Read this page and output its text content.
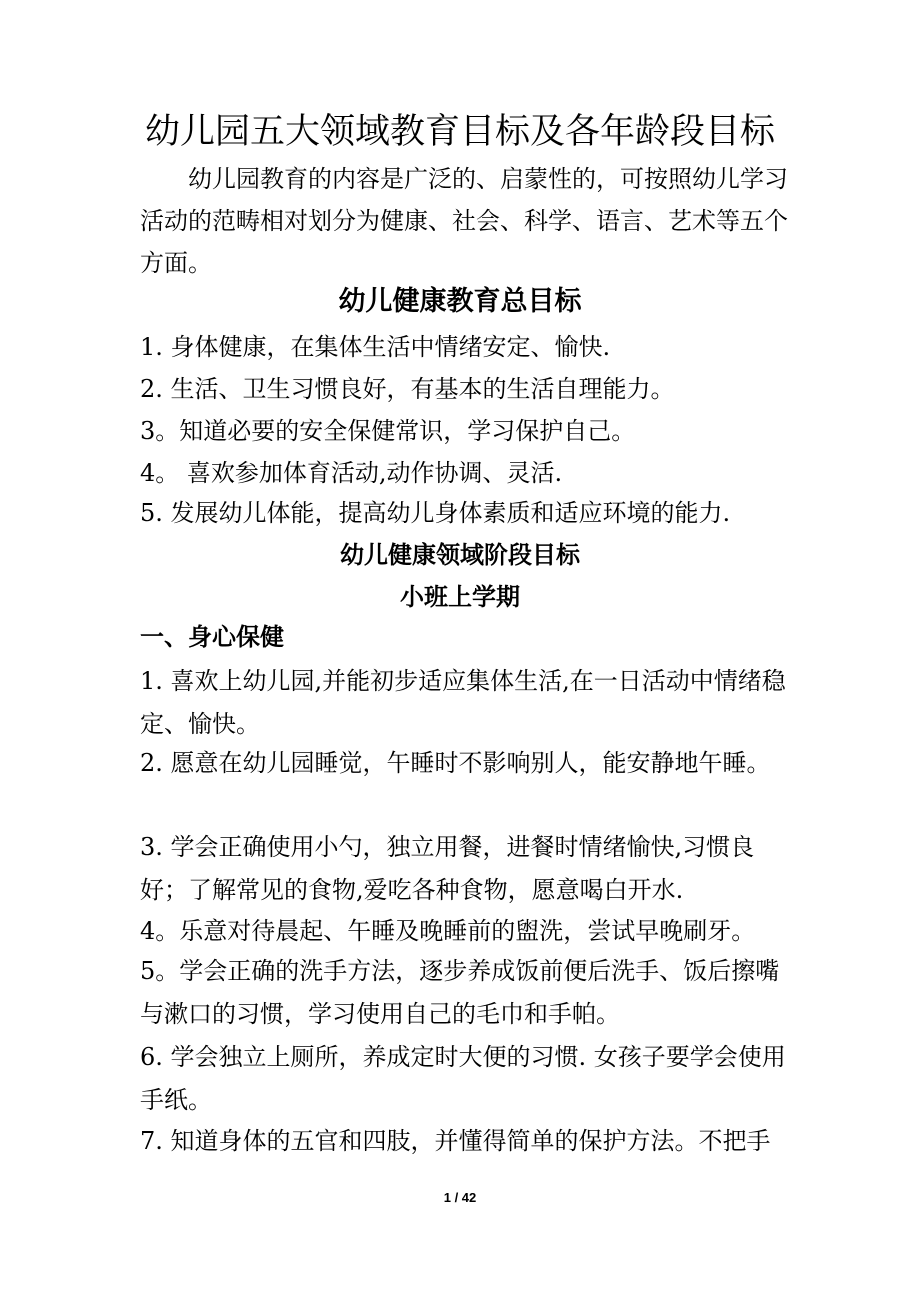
幼儿园五大领域教育目标及各年龄段目标

幼儿园教育的内容是广泛的、启蒙性的，可按照幼儿学习活动的范畴相对划分为健康、社会、科学、语言、艺术等五个方面。

幼儿健康教育总目标
1. 身体健康，在集体生活中情绪安定、愉快.
2. 生活、卫生习惯良好，有基本的生活自理能力。
3。知道必要的安全保健常识，学习保护自己。
4。 喜欢参加体育活动,动作协调、灵活.
5. 发展幼儿体能，提高幼儿身体素质和适应环境的能力.
幼儿健康领域阶段目标
小班上学期
一、身心保健

1. 喜欢上幼儿园,并能初步适应集体生活,在一日活动中情绪稳定、愉快。

2. 愿意在幼儿园睡觉，午睡时不影响别人，能安静地午睡。

3. 学会正确使用小勺，独立用餐，进餐时情绪愉快,习惯良好；了解常见的食物,爱吃各种食物，愿意喝白开水.

4。乐意对待晨起、午睡及晚睡前的盥洗，尝试早晚刷牙。

5。学会正确的洗手方法，逐步养成饭前便后洗手、饭后擦嘴与漱口的习惯，学习使用自己的毛巾和手帕。

6. 学会独立上厕所，养成定时大便的习惯. 女孩子要学会使用手纸。

7. 知道身体的五官和四肢，并懂得简单的保护方法。不把手
1 / 42
